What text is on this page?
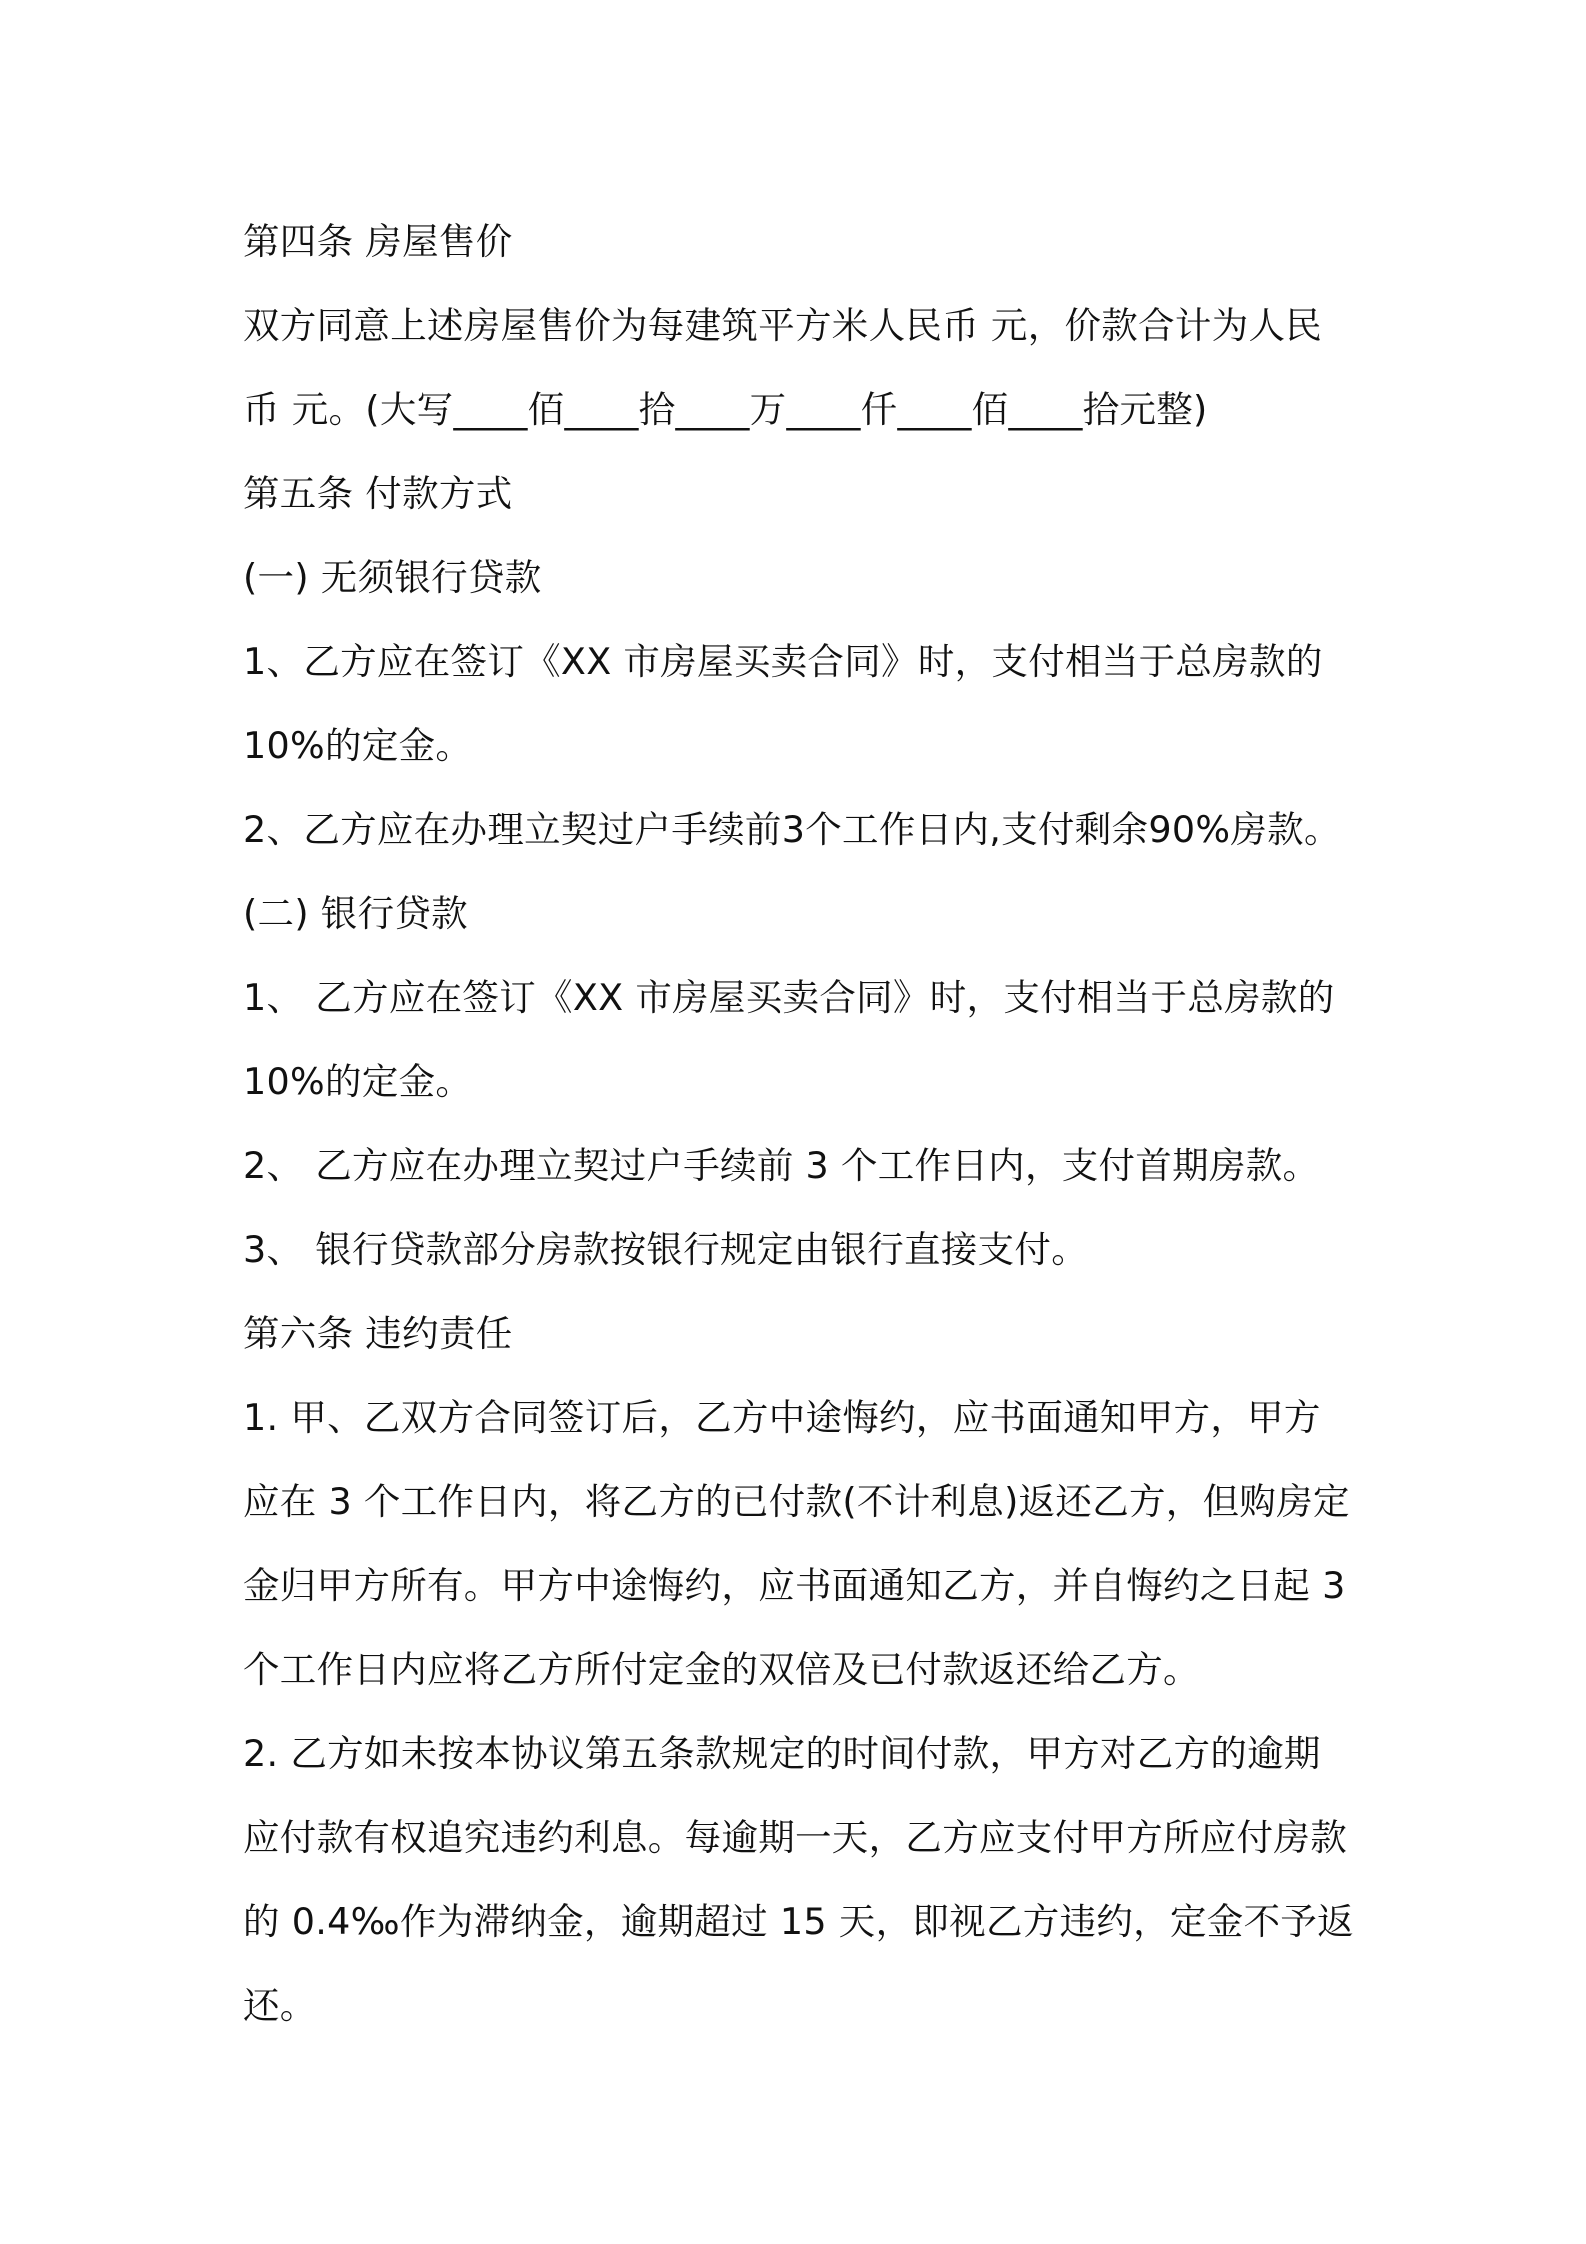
第四条 房屋售价
双方同意上述房屋售价为每建筑平方米人民币 元，价款合计为人民
币 元。(大写____佰____拾____万____仟____佰____拾元整)
第五条 付款方式
(一) 无须银行贷款
1、乙方应在签订《XX 市房屋买卖合同》时，支付相当于总房款的
10%的定金。
2、乙方应在办理立契过户手续前3个工作日内,支付剩余90%房款。
(二) 银行贷款
1、 乙方应在签订《XX 市房屋买卖合同》时，支付相当于总房款的
10%的定金。
2、 乙方应在办理立契过户手续前 3 个工作日内，支付首期房款。
3、 银行贷款部分房款按银行规定由银行直接支付。
第六条 违约责任
1. 甲、乙双方合同签订后，乙方中途悔约，应书面通知甲方，甲方
应在 3 个工作日内，将乙方的已付款(不计利息)返还乙方，但购房定
金归甲方所有。甲方中途悔约，应书面通知乙方，并自悔约之日起 3
个工作日内应将乙方所付定金的双倍及已付款返还给乙方。
2. 乙方如未按本协议第五条款规定的时间付款，甲方对乙方的逾期
应付款有权追究违约利息。每逾期一天，乙方应支付甲方所应付房款
的 0.4‰作为滞纳金，逾期超过 15 天，即视乙方违约，定金不予返
还。
